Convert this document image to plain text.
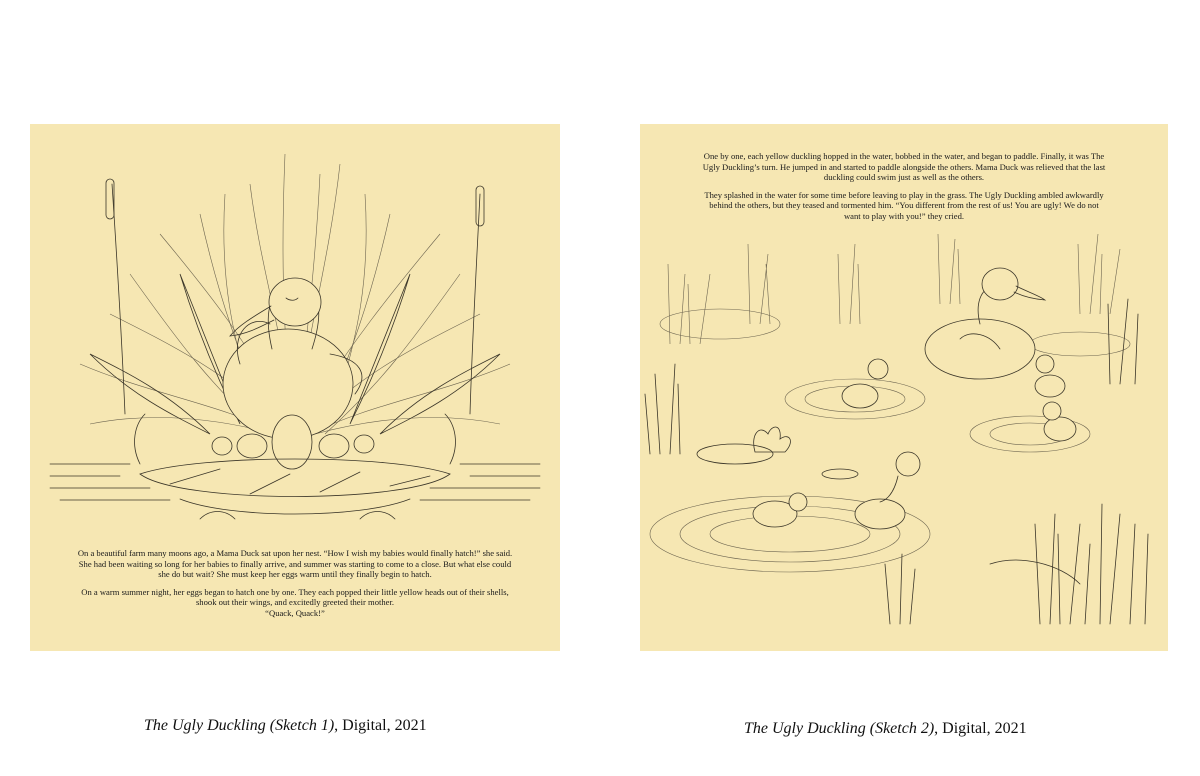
On a beautiful farm many moons ago, a Mama Duck sat upon her nest. “How I wish my babies would finally hatch!” she said. She had been waiting so long for her babies to finally arrive, and summer was starting to come to a close. But what else could she do but wait? She must keep her eggs warm until they finally begin to hatch.

On a warm summer night, her eggs began to hatch one by one. They each popped their little yellow heads out of their shells, shook out their wings, and excitedly greeted their mother.

“Quack, Quack!”

One by one, each yellow duckling hopped in the water, bobbed in the water, and began to paddle. Finally, it was The Ugly Duckling’s turn. He jumped in and started to paddle alongside the others. Mama Duck was relieved that the last duckling could swim just as well as the others.

They splashed in the water for some time before leaving to play in the grass. The Ugly Duckling ambled awkwardly behind the others, but they teased and tormented him. “You different from the rest of us! You are ugly! We do not want to play with you!” they cried.

The Ugly Duckling (Sketch 1), Digital, 2021	The Ugly Duckling (Sketch 2), Digital, 2021
